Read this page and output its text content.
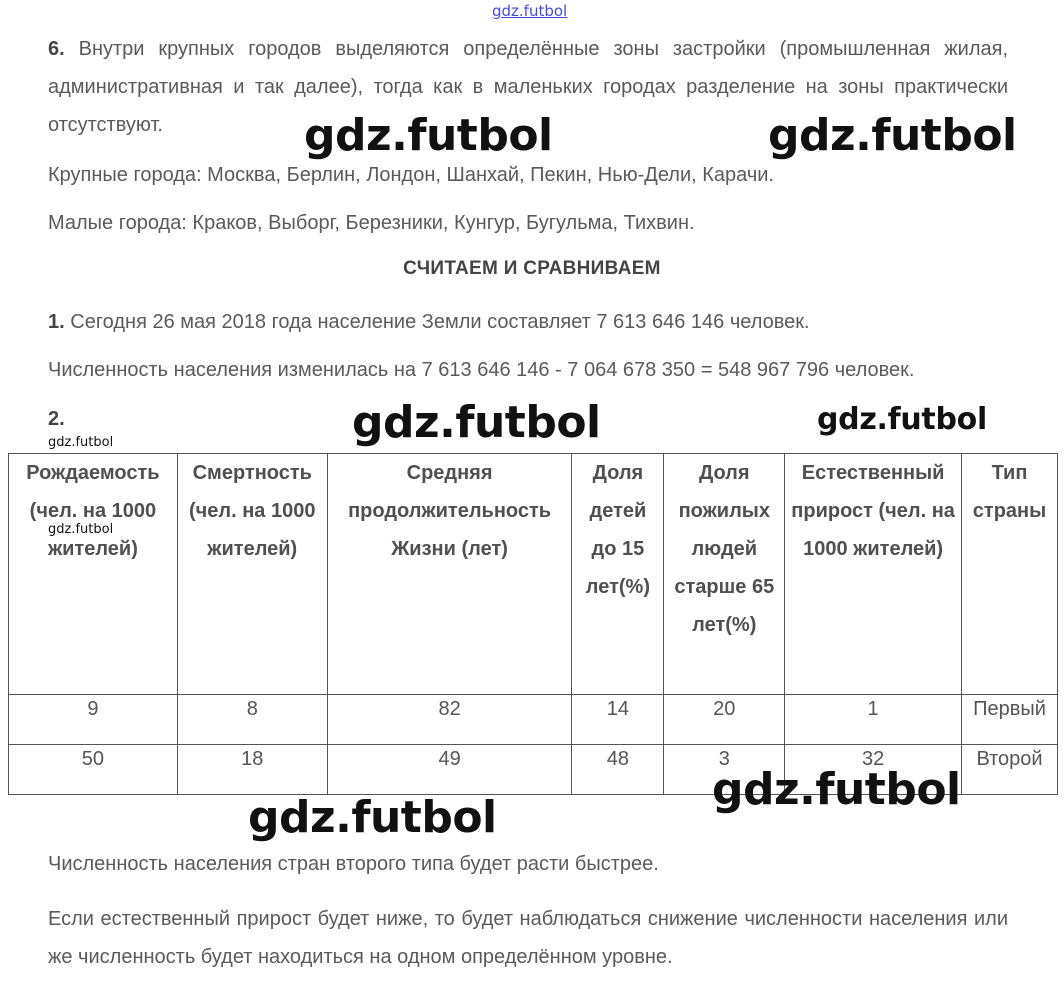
gdz.futbol

6. Внутри крупных городов выделяются определённые зоны застройки (промышленная жилая, административная и так далее), тогда как в маленьких городах разделение на зоны практически отсутствуют.

Крупные города: Москва, Берлин, Лондон, Шанхай, Пекин, Нью-Дели, Карачи.

Малые города: Краков, Выборг, Березники, Кунгур, Бугульма, Тихвин.

СЧИТАЕМ И СРАВНИВАЕМ

1. Сегодня 26 мая 2018 года население Земли составляет 7 613 646 146 человек.

Численность населения изменилась на 7 613 646 146 - 7 064 678 350 = 548 967 796 человек.

2.

Рождаемость (чел. на 1000 жителей)	Смертность (чел. на 1000 жителей)	Средняя продолжительность Жизни (лет)	Доля детей до 15 лет(%)	Доля пожилых людей старше 65 лет(%)	Естественный прирост (чел. на 1000 жителей)	Тип страны
9	8	82	14	20	1	Первый
50	18	49	48	3	32	Второй

Численность населения стран второго типа будет расти быстрее.

Если естественный прирост будет ниже, то будет наблюдаться снижение численности населения или же численность будет находиться на одном определённом уровне.

gdz.futbol	gdz.futbol
gdz.futbol	gdz.futbol
gdz.futbol
gdz.futbol
gdz.futbol
gdz.futbol
